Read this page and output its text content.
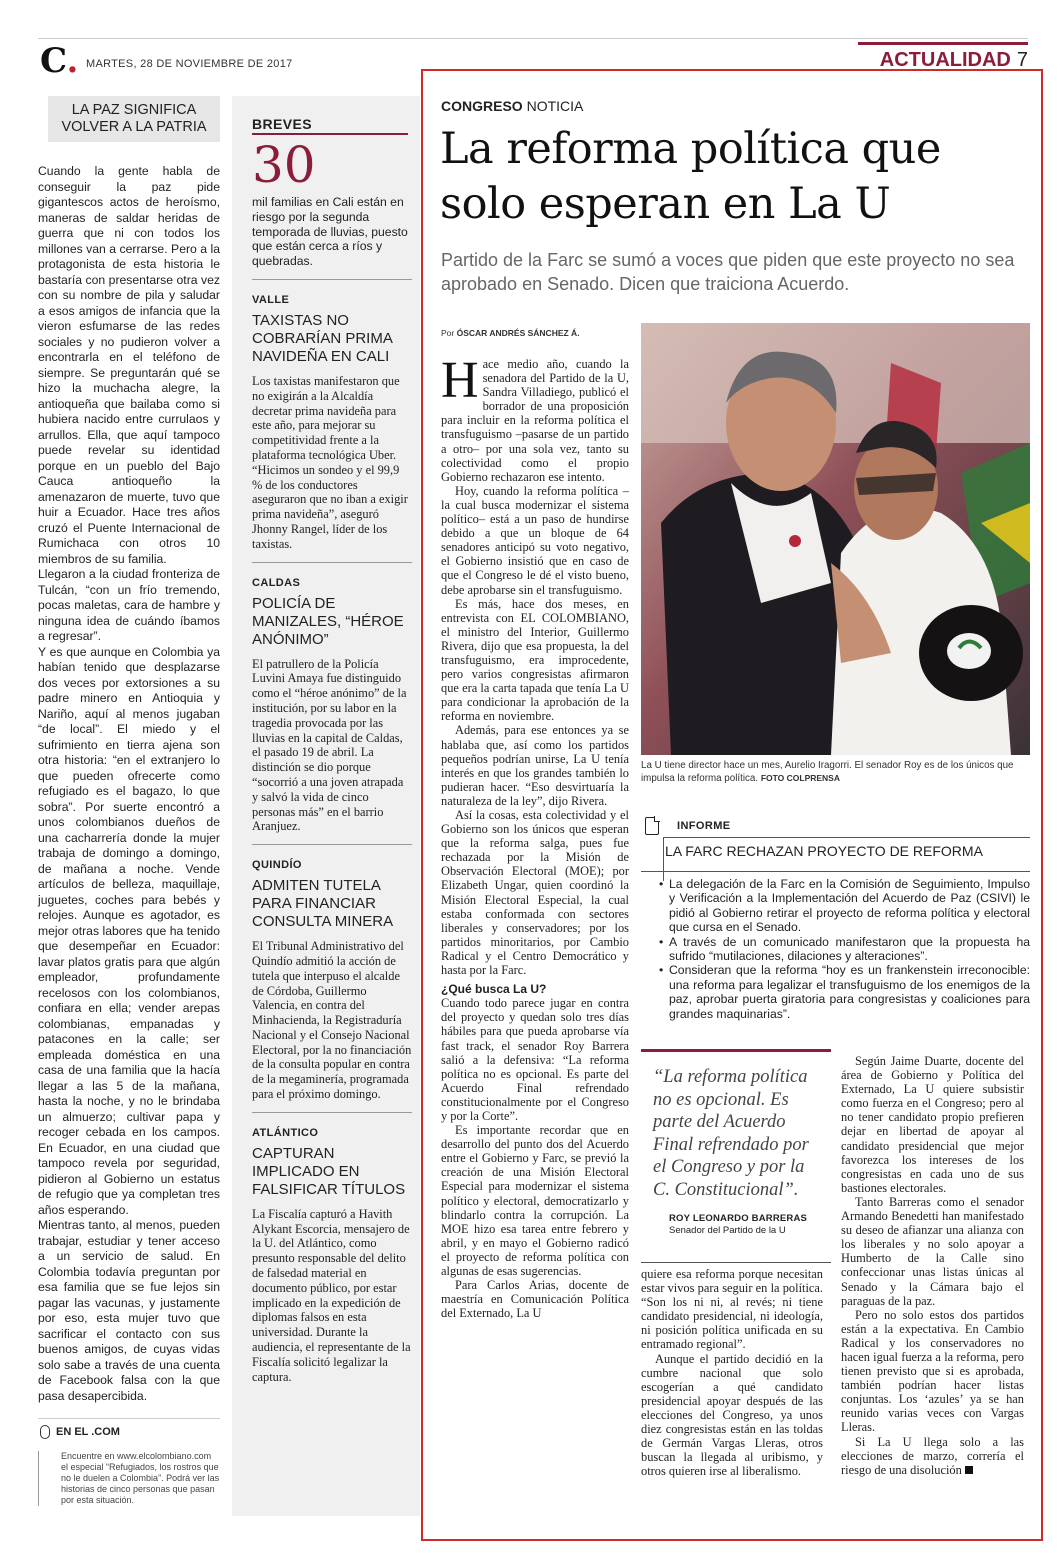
C. MARTES, 28 DE NOVIEMBRE DE 2017	ACTUALIDAD 7
LA PAZ SIGNIFICA VOLVER A LA PATRIA

Cuando la gente habla de conseguir la paz pide gigantescos actos de heroísmo, maneras de saldar heridas de guerra que ni con todos los millones van a cerrarse. Pero a la protagonista de esta historia le bastaría con presentarse otra vez con su nombre de pila y saludar a esos amigos de infancia que la vieron esfumarse de las redes sociales y no pudieron volver a encontrarla en el teléfono de siempre. Se preguntarán qué se hizo la muchacha alegre, la antioqueña que bailaba como si hubiera nacido entre currulaos y arrullos. Ella, que aquí tampoco puede revelar su identidad porque en un pueblo del Bajo Cauca antioqueño la amenazaron de muerte, tuvo que huir a Ecuador. Hace tres años cruzó el Puente Internacional de Rumichaca con otros 10 miembros de su familia.

Llegaron a la ciudad fronteriza de Tulcán, “con un frío tremendo, pocas maletas, cara de hambre y ninguna idea de cuándo íbamos a regresar”.

Y es que aunque en Colombia ya habían tenido que desplazarse dos veces por extorsiones a su padre minero en Antioquia y Nariño, aquí al menos jugaban “de local”. El miedo y el sufrimiento en tierra ajena son otra historia: “en el extranjero lo que pueden ofrecerte como refugiado es el bagazo, lo que sobra”. Por suerte encontró a unos colombianos dueños de una cacharrería donde la mujer trabaja de domingo a domingo, de mañana a noche. Vende artículos de belleza, maquillaje, juguetes, coches para bebés y relojes. Aunque es agotador, es mejor otras labores que ha tenido que desempeñar en Ecuador: lavar platos gratis para que algún empleador, profundamente recelosos con los colombianos, confiara en ella; vender arepas colombianas, empanadas y patacones en la calle; ser empleada doméstica en una casa de una familia que la hacía llegar a las 5 de la mañana, hasta la noche, y no le brindaba un almuerzo; cultivar papa y recoger cebada en los campos. En Ecuador, en una ciudad que tampoco revela por seguridad, pidieron al Gobierno un estatus de refugio que ya completan tres años esperando.

Mientras tanto, al menos, pueden trabajar, estudiar y tener acceso a un servicio de salud. En Colombia todavía preguntan por esa familia que se fue lejos sin pagar las vacunas, y justamente por eso, esta mujer tuvo que sacrificar el contacto con sus buenos amigos, de cuyas vidas solo sabe a través de una cuenta de Facebook falsa con la que pasa desapercibida.

EN EL .COM
Encuentre en www.elcolombiano.com el especial “Refugiados, los rostros que no le duelen a Colombia”. Podrá ver las historias de cinco personas que pasan por esta situación.
BREVES
30
mil familias en Cali están en riesgo por la segunda temporada de lluvias, puesto que están cerca a ríos y quebradas.
VALLE
TAXISTAS NO COBRARÍAN PRIMA NAVIDEÑA EN CALI
Los taxistas manifestaron que no exigirán a la Alcaldía decretar prima navideña para este año, para mejorar su competitividad frente a la plataforma tecnológica Uber. “Hicimos un sondeo y el 99,9 % de los conductores aseguraron que no iban a exigir prima navideña”, aseguró Jhonny Rangel, líder de los taxistas.
CALDAS
POLICÍA DE MANIZALES, “HÉROE ANÓNIMO”
El patrullero de la Policía Luvini Amaya fue distinguido como el “héroe anónimo” de la institución, por su labor en la tragedia provocada por las lluvias en la capital de Caldas, el pasado 19 de abril. La distinción se dio porque “socorrió a una joven atrapada y salvó la vida de cinco personas más” en el barrio Aranjuez.
QUINDÍO
ADMITEN TUTELA PARA FINANCIAR CONSULTA MINERA
El Tribunal Administrativo del Quindío admitió la acción de tutela que interpuso el alcalde de Córdoba, Guillermo Valencia, en contra del Minhacienda, la Registraduría Nacional y el Consejo Nacional Electoral, por la no financiación de la consulta popular en contra de la megaminería, programada para el próximo domingo.
ATLÁNTICO
CAPTURAN IMPLICADO EN FALSIFICAR TÍTULOS
La Fiscalía capturó a Havith Alykant Escorcia, mensajero de la U. del Atlántico, como presunto responsable del delito de falsedad material en documento público, por estar implicado en la expedición de diplomas falsos en esta universidad. Durante la audiencia, el representante de la Fiscalía solicitó legalizar la captura.
CONGRESO NOTICIA
La reforma política que solo esperan en La U
Partido de la Farc se sumó a voces que piden que este proyecto no sea aprobado en Senado. Dicen que traiciona Acuerdo.
Por ÓSCAR ANDRÉS SÁNCHEZ Á.
La U tiene director hace un mes, Aurelio Iragorri. El senador Roy es de los únicos que impulsa la reforma política. FOTO COLPRENSA

Hace medio año, cuando la senadora del Partido de la U, Sandra Villadiego, publicó el borrador de una proposición para incluir en la reforma política el transfuguismo –pasarse de un partido a otro– por una sola vez, tanto su colectividad como el propio Gobierno rechazaron ese intento.

Hoy, cuando la reforma política –la cual busca modernizar el sistema político– está a un paso de hundirse debido a que un bloque de 64 senadores anticipó su voto negativo, el Gobierno insistió que en caso de que el Congreso le dé el visto bueno, debe aprobarse sin el transfuguismo.

Es más, hace dos meses, en entrevista con EL COLOMBIANO, el ministro del Interior, Guillermo Rivera, dijo que esa propuesta, la del transfuguismo, era improcedente, pero varios congresistas afirmaron que era la carta tapada que tenía La U para condicionar la aprobación de la reforma en noviembre.

Además, para ese entonces ya se hablaba que, así como los partidos pequeños podrían unirse, La U tenía interés en que los grandes también lo pudieran hacer. “Eso desvirtuaría la naturaleza de la ley”, dijo Rivera.

Así la cosas, esta colectividad y el Gobierno son los únicos que esperan que la reforma salga, pues fue rechazada por la Misión de Observación Electoral (MOE); por Elizabeth Ungar, quien coordinó la Misión Electoral Especial, la cual estaba conformada con sectores liberales y conservadores; por los partidos minoritarios, por Cambio Radical y el Centro Democrático y hasta por la Farc.

¿Qué busca La U?

Cuando todo parece jugar en contra del proyecto y quedan solo tres días hábiles para que pueda aprobarse vía fast track, el senador Roy Barrera salió a la defensiva: “La reforma política no es opcional. Es parte del Acuerdo Final refrendado constitucionalmente por el Congreso y por la Corte”.

Es importante recordar que en desarrollo del punto dos del Acuerdo entre el Gobierno y Farc, se previó la creación de una Misión Electoral Especial para modernizar el sistema político y electoral, democratizarlo y blindarlo contra la corrupción. La MOE hizo esa tarea entre febrero y abril, y en mayo el Gobierno radicó el proyecto de reforma política con algunas de esas sugerencias.

Para Carlos Arias, docente de maestría en Comunicación Política del Externado, La U

INFORME
LA FARC RECHAZAN PROYECTO DE REFORMA
• La delegación de la Farc en la Comisión de Seguimiento, Impulso y Verificación a la Implementación del Acuerdo de Paz (CSIVI) le pidió al Gobierno retirar el proyecto de reforma política y electoral que cursa en el Senado.
• A través de un comunicado manifestaron que la propuesta ha sufrido “mutilaciones, dilaciones y alteraciones”.
• Consideran que la reforma “hoy es un frankenstein irreconocible: una reforma para legalizar el transfuguismo de los enemigos de la paz, aprobar puerta giratoria para congresistas y coaliciones para grandes maquinarias”.
“La reforma política no es opcional. Es parte del Acuerdo Final refrendado por el Congreso y por la C. Constitucional”.
ROY LEONARDO BARRERAS
Senador del Partido de la U

quiere esa reforma porque necesitan estar vivos para seguir en la política. “Son los ni ni, al revés; ni tiene candidato presidencial, ni ideología, ni posición política unificada en su entramado regional”.

Aunque el partido decidió en la cumbre nacional que solo escogerían a qué candidato presidencial apoyar después de las elecciones del Congreso, ya unos diez congresistas están en las toldas de Germán Vargas Lleras, otros buscan la llegada al uribismo, y otros quieren irse al liberalismo.

Según Jaime Duarte, docente del área de Gobierno y Política del Externado, La U quiere subsistir como fuerza en el Congreso; pero al no tener candidato propio prefieren dejar en libertad de apoyar al candidato presidencial que mejor favorezca los intereses de los congresistas en cada uno de sus bastiones electorales.

Tanto Barreras como el senador Armando Benedetti han manifestado su deseo de afianzar una alianza con los liberales y no solo apoyar a Humberto de la Calle sino confeccionar unas listas únicas al Senado y la Cámara bajo el paraguas de la paz.

Pero no solo estos dos partidos están a la expectativa. En Cambio Radical y los conservadores no hacen igual fuerza a la reforma, pero tienen previsto que si es aprobada, también podrían hacer listas conjuntas. Los ‘azules’ ya se han reunido varias veces con Vargas Lleras.

Si La U llega solo a las elecciones de marzo, correría el riesgo de una disolución
